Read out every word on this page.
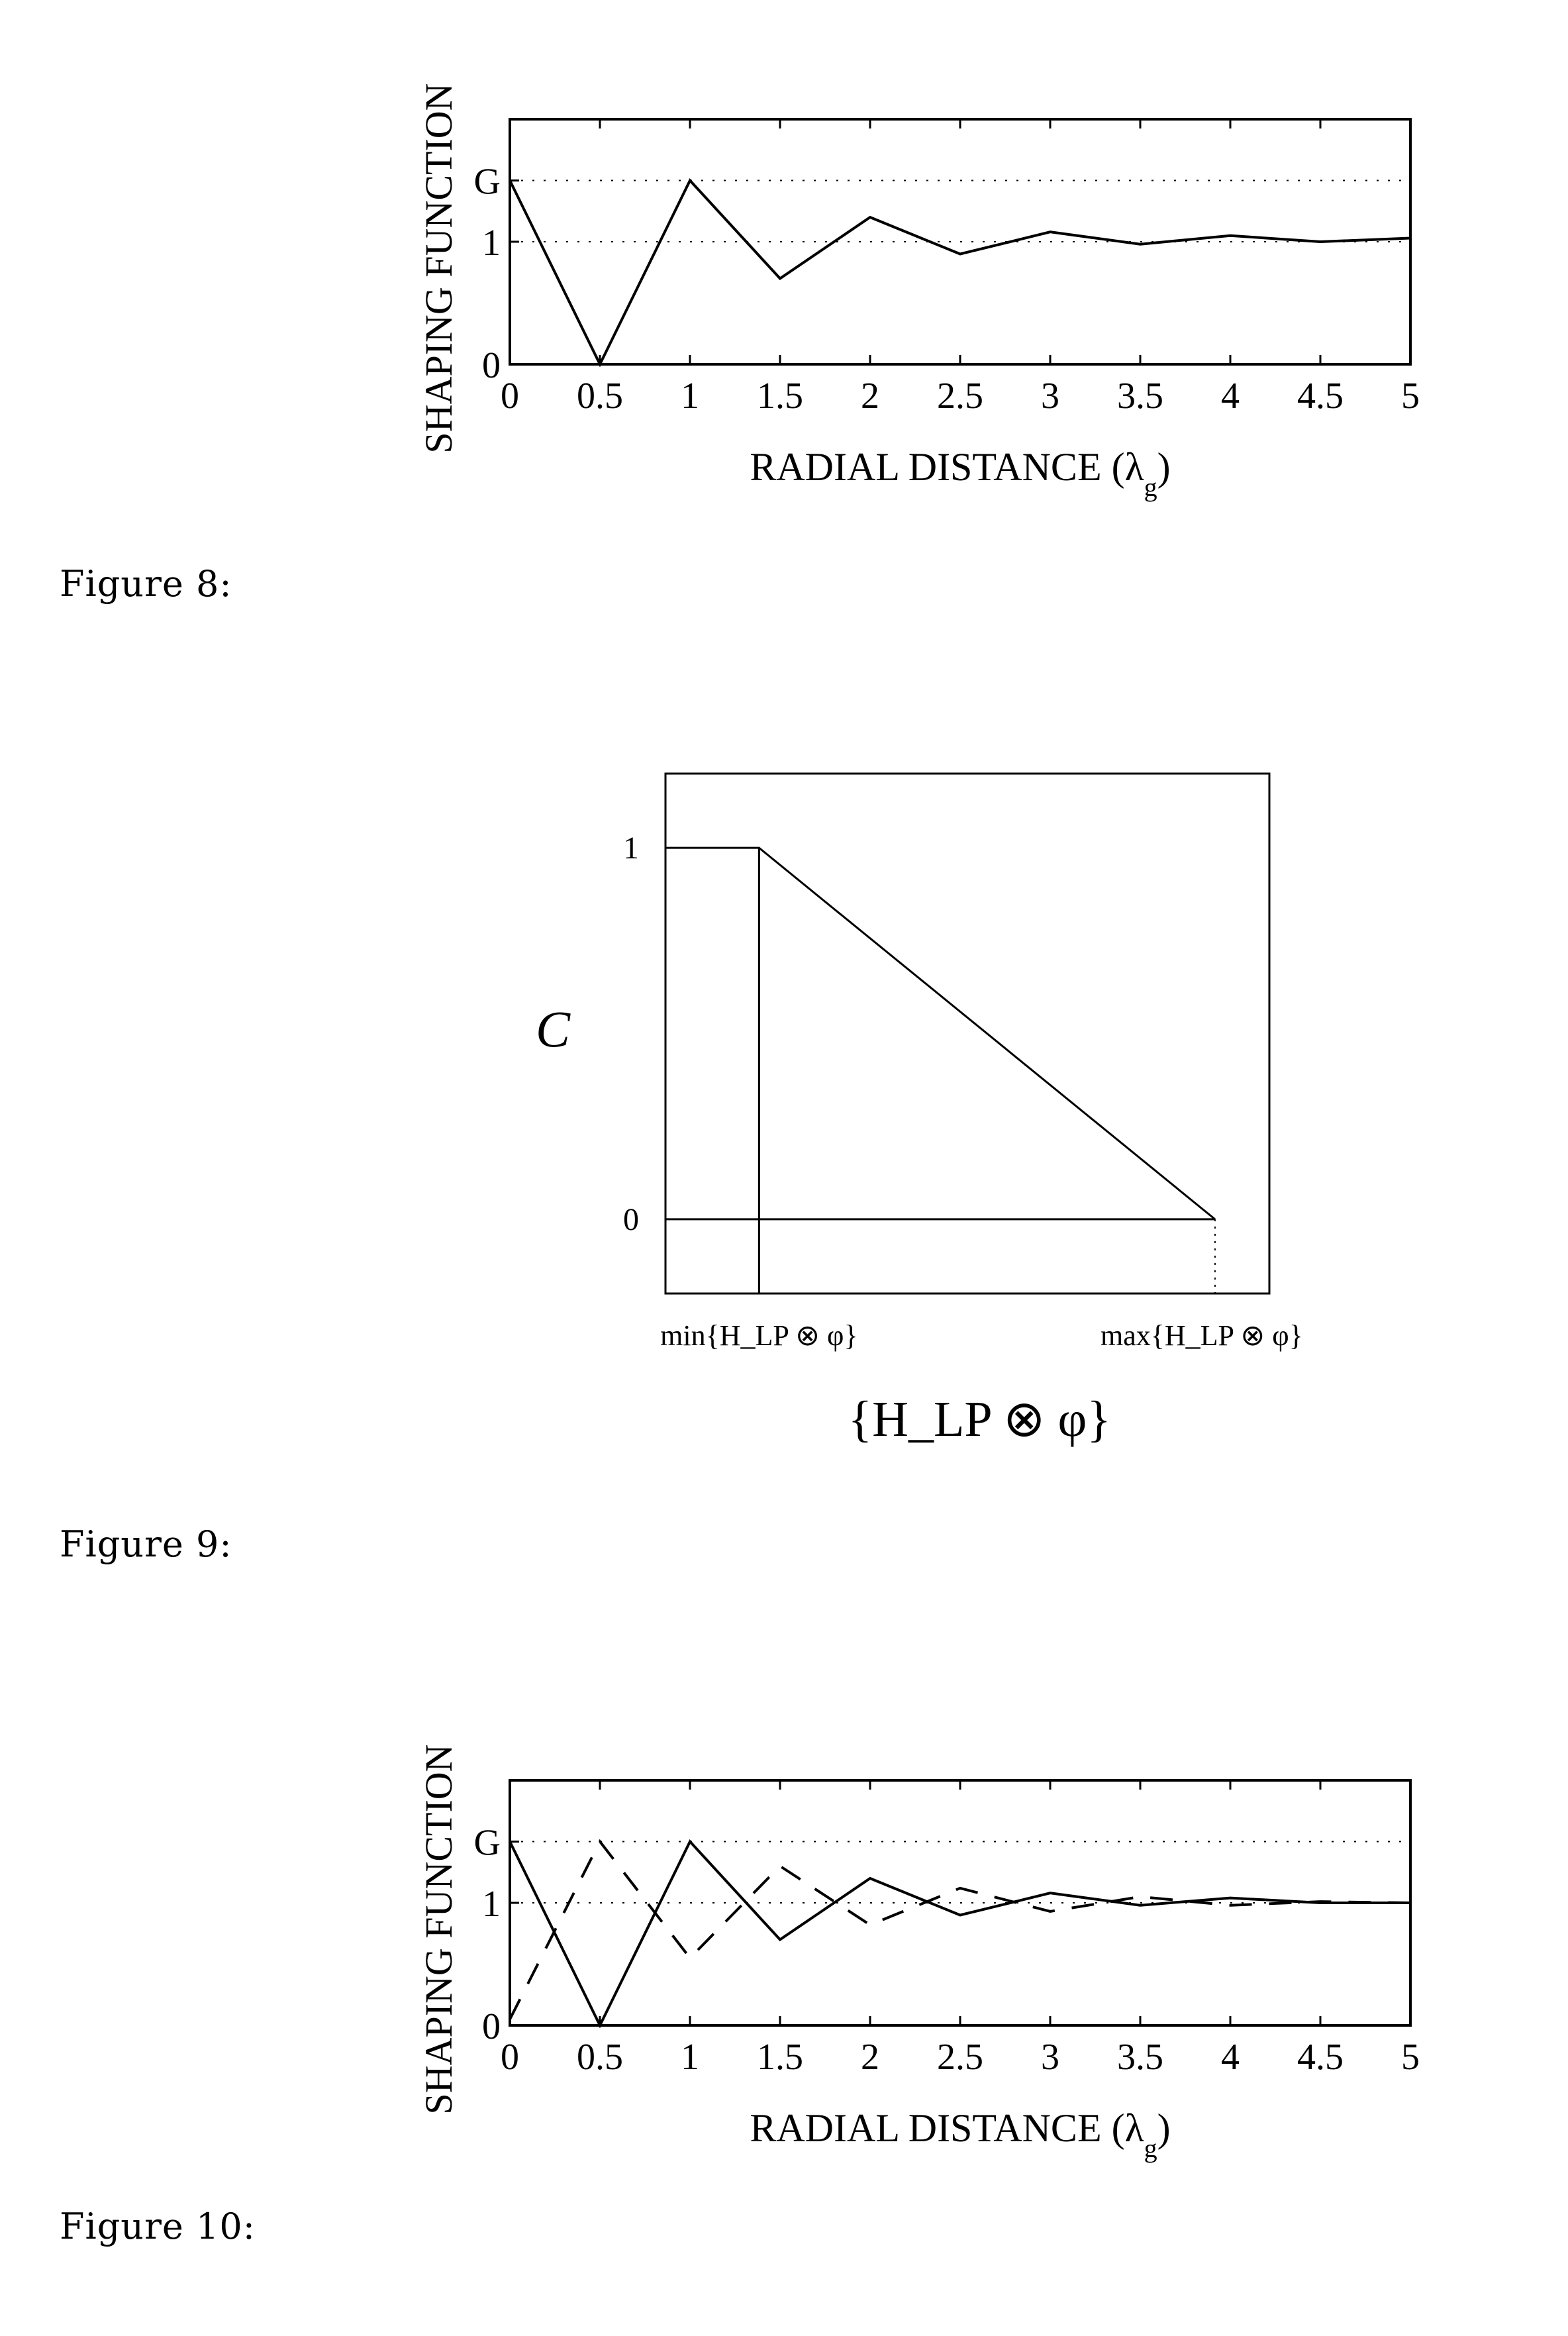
0 0.5 1 1.5 2 2.5 3 3.5 4 4.5 5
0
1
G
RADIAL DISTANCE $(\lambda_g)$
SHAPING FUNCTION
0
1
C
min{H_LP ⊗ φ}	max{H_LP ⊗ φ}
{H_LP ⊗ φ}
0 0.5 1 1.5 2 2.5 3 3.5 4 4.5 5
0
1
G
RADIAL DISTANCE $(\lambda_g)$
SHAPING FUNCTION
Figure 8:
Figure 9:
Figure 10:
